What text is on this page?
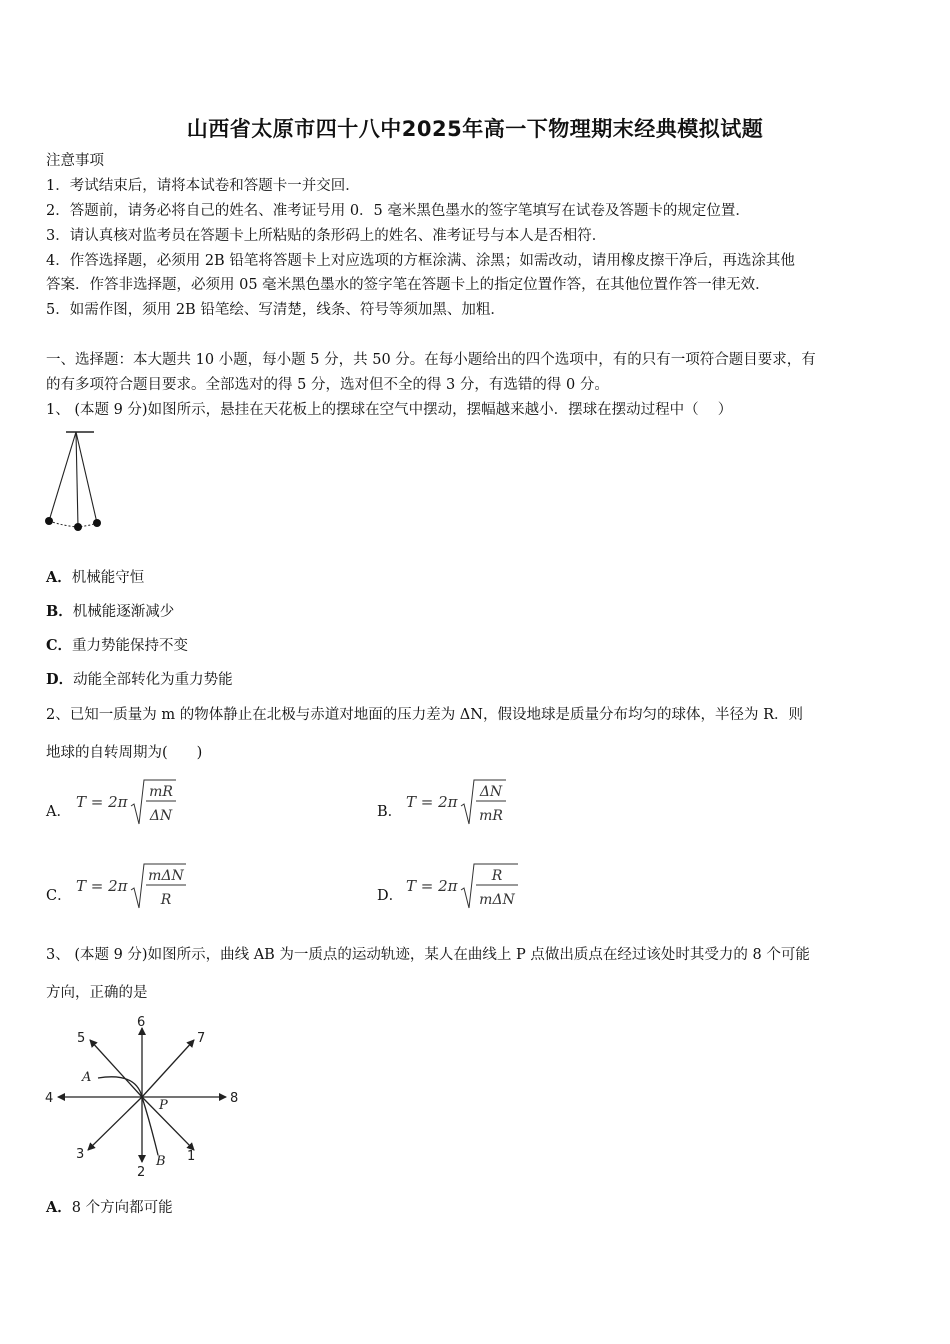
山西省太原市四十八中2025年高一下物理期末经典模拟试题
注意事项
1．考试结束后，请将本试卷和答题卡一并交回．
2．答题前，请务必将自己的姓名、准考证号用 0．5 毫米黑色墨水的签字笔填写在试卷及答题卡的规定位置．
3．请认真核对监考员在答题卡上所粘贴的条形码上的姓名、准考证号与本人是否相符．
4．作答选择题，必须用 2B 铅笔将答题卡上对应选项的方框涂满、涂黑；如需改动，请用橡皮擦干净后，再选涂其他
答案．作答非选择题，必须用 05 毫米黑色墨水的签字笔在答题卡上的指定位置作答，在其他位置作答一律无效．
5．如需作图，须用 2B 铅笔绘、写清楚，线条、符号等须加黑、加粗．
一、选择题：本大题共 10 小题，每小题 5 分，共 50 分。在每小题给出的四个选项中，有的只有一项符合题目要求，有
的有多项符合题目要求。全部选对的得 5 分，选对但不全的得 3 分，有选错的得 0 分。
1、 (本题 9 分)如图所示，悬挂在天花板上的摆球在空气中摆动，摆幅越来越小．摆球在摆动过程中（　 ）
A．机械能守恒
B．机械能逐渐减少
C．重力势能保持不变
D．动能全部转化为重力势能
2、已知一质量为 m 的物体静止在北极与赤道对地面的压力差为 ΔN，假设地球是质量分布均匀的球体，半径为 R．则
地球的自转周期为(　　)
A．
T = 2π
mR
ΔN	B．
T = 2π
ΔN
mR
C．
T = 2π
mΔN
R	D．
T = 2π
R
mΔN
3、 (本题 9 分)如图所示，曲线 AB 为一质点的运动轨迹，某人在曲线上 P 点做出质点在经过该处时其受力的 8 个可能
方向，正确的是
1
2
3
4
5
6
7
8
A
B
P
A．8 个方向都可能
